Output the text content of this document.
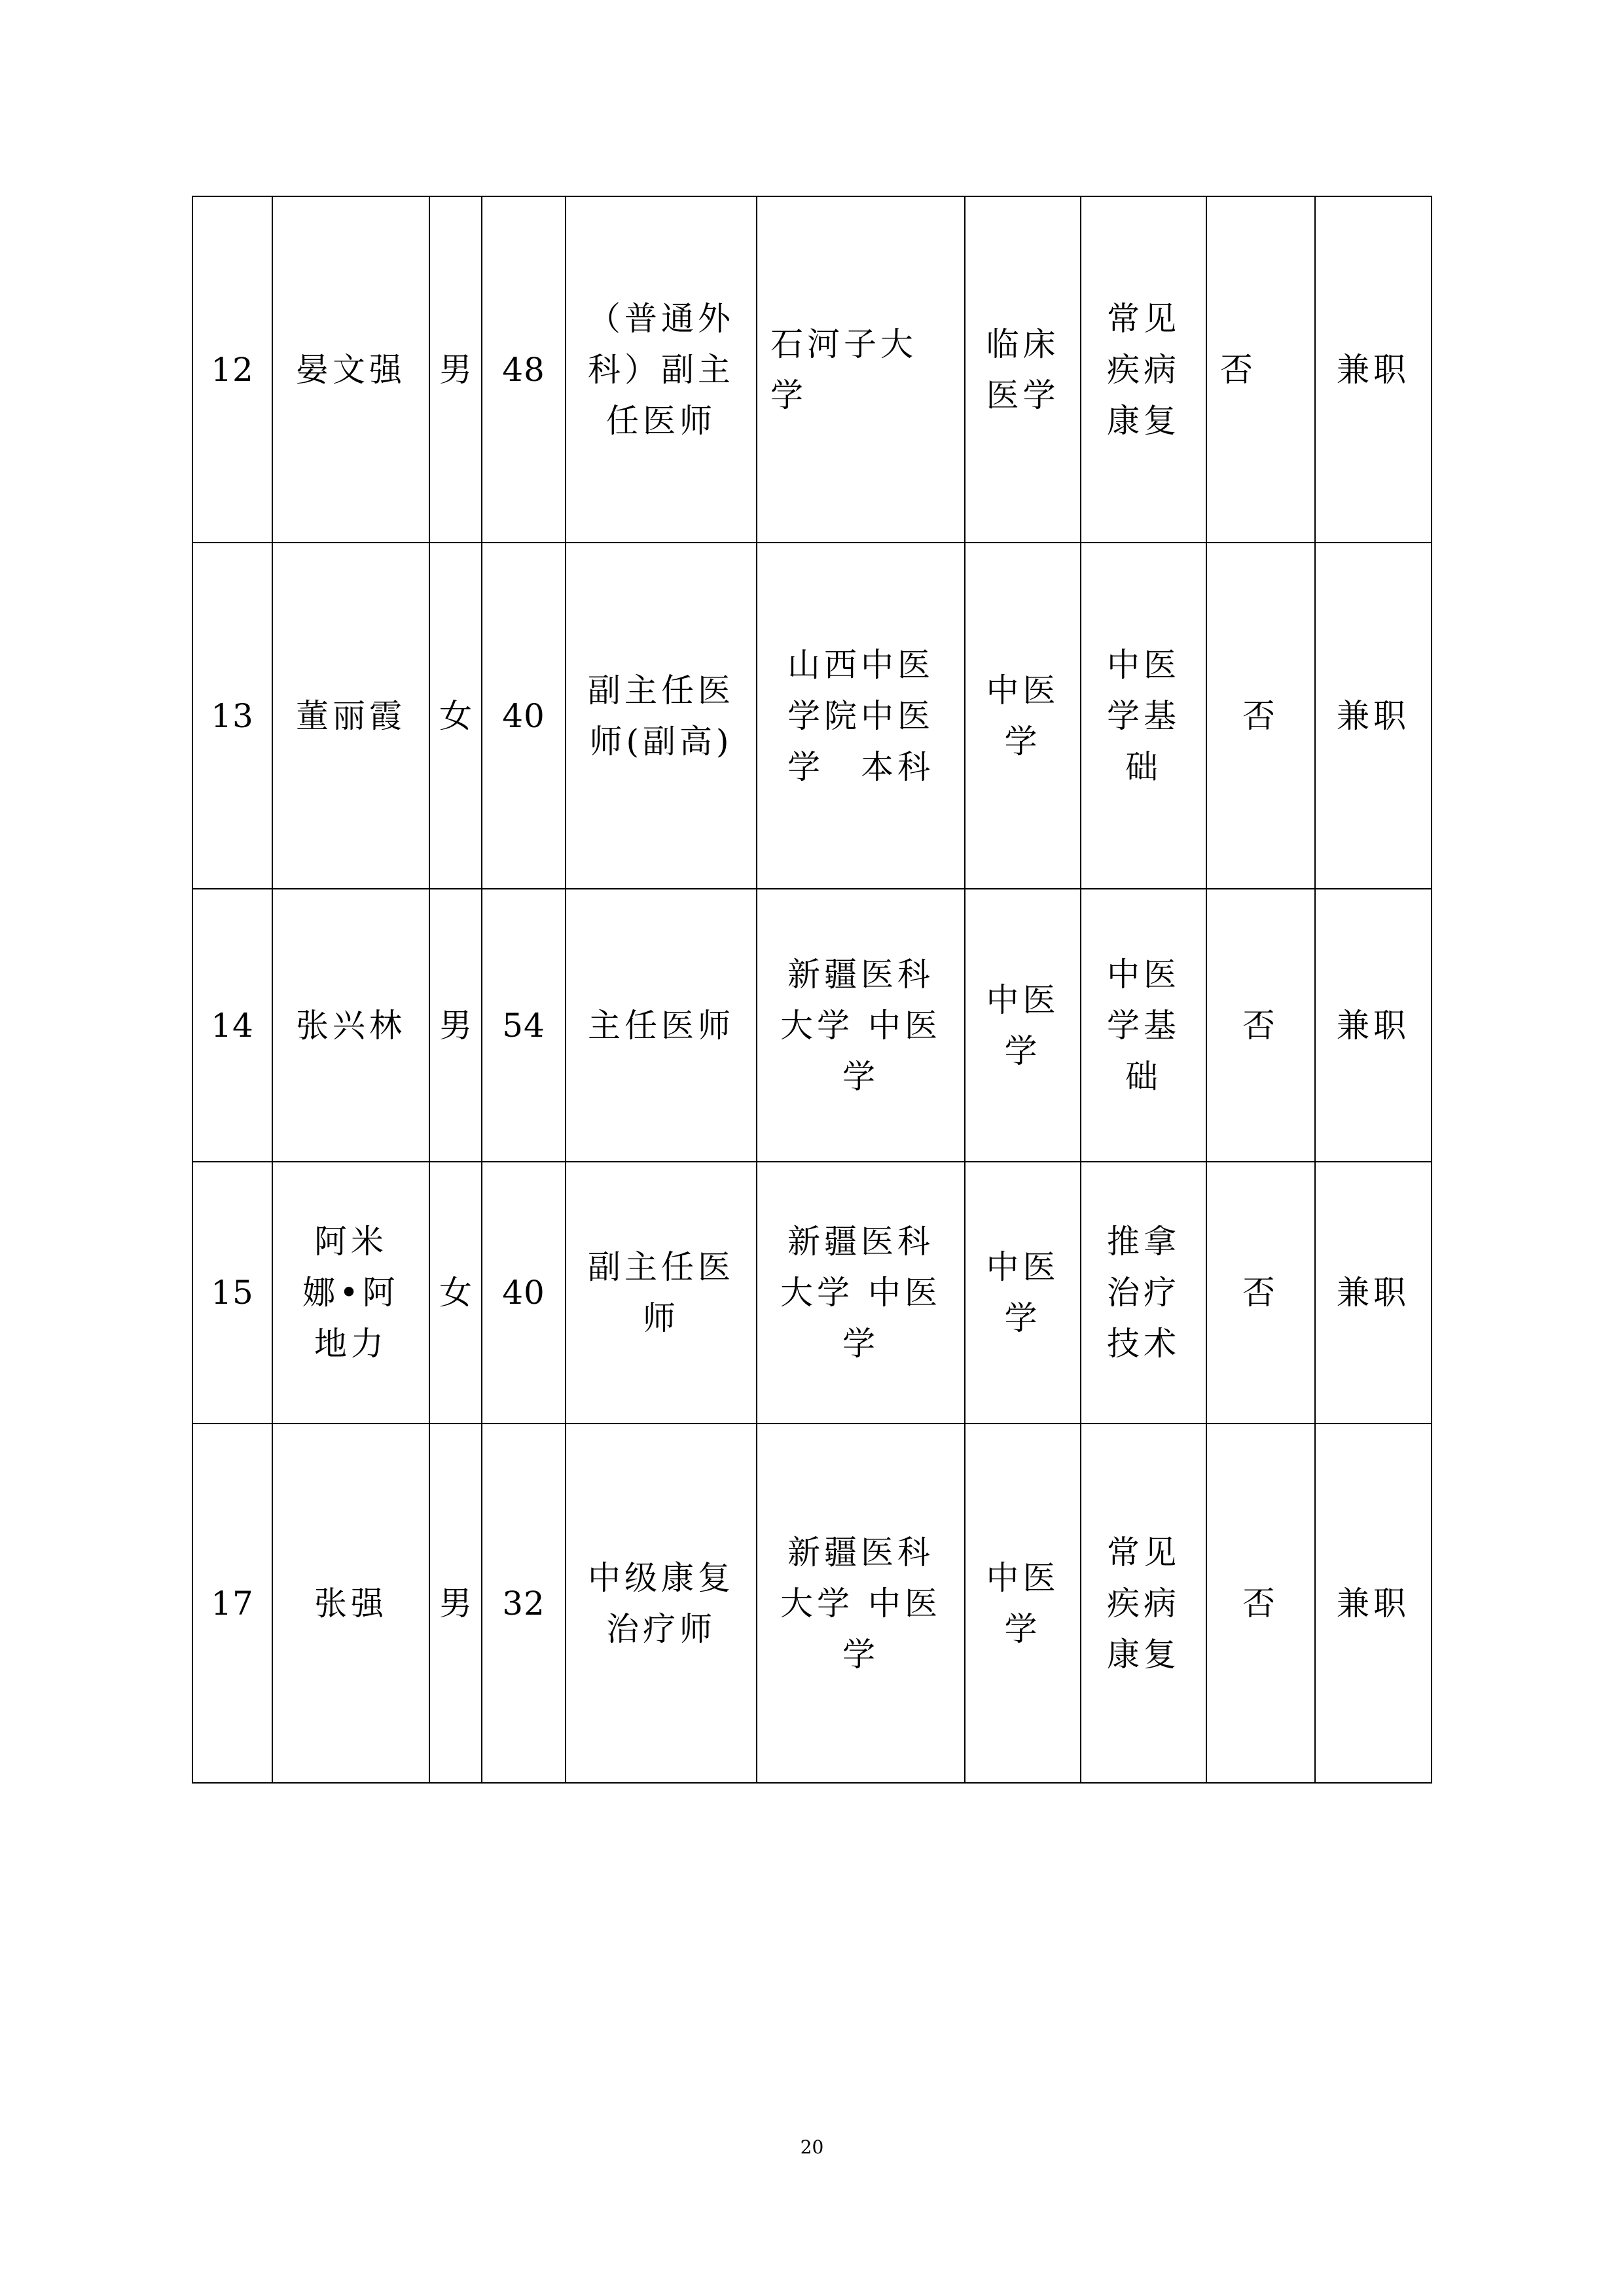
12	晏文强	男	48	（普通外
科）副主
任医师	石河子大
学	临床
医学	常见
疾病
康复	否	兼职
13	董丽霞	女	40	副主任医
师(副高)	山西中医
学院中医
学　本科	中医
学	中医
学基
础	否	兼职
14	张兴林	男	54	主任医师	新疆医科
大学 中医
学	中医
学	中医
学基
础	否	兼职
15	阿米
娜•阿
地力	女	40	副主任医
师	新疆医科
大学 中医
学	中医
学	推拿
治疗
技术	否	兼职
17	张强	男	32	中级康复
治疗师	新疆医科
大学 中医
学	中医
学	常见
疾病
康复	否	兼职
20
